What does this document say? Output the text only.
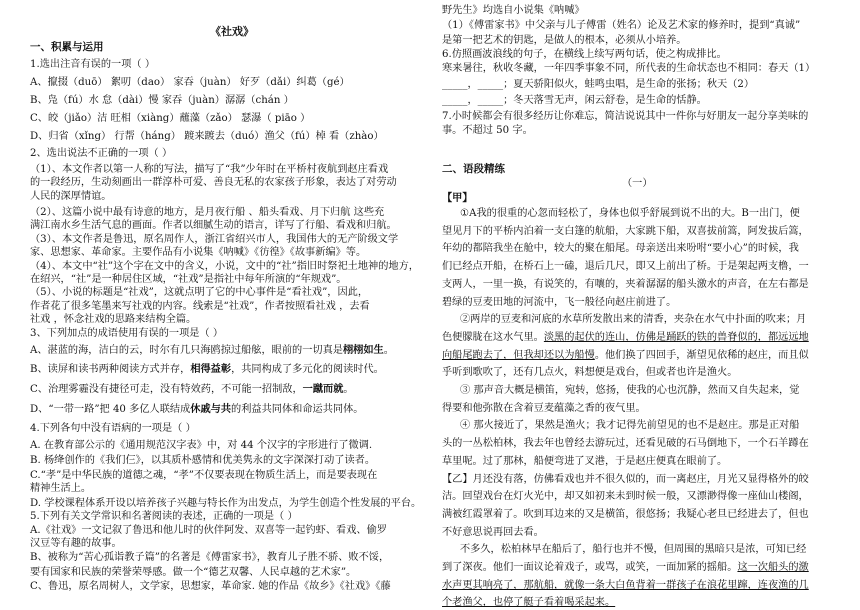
《社戏》
一、积累与运用
1.选出注音有误的一项（ ）
A、攛掇（duō） 絮叨（dao） 家吞（juàn） 好歹（dǎi）纠葛（gé）
B、凫（fú）水 怠（dài）慢 家吞（juàn）潺潺（chán ）
C、皎（jiǎo）洁 旺相（xiàng）蘸藻（zǎo） 瑟瀑（ piāo ）
D、归省（xǐng） 行帮（háng） 踱来踱去（duó）渔父（fú）棹 看（zhào）
2、选出说法不正确的一项（ ）
（1）、本文作者以第一人称的写法，描写了“我”少年时在平桥村夜航到赵庄看戏
的一段经历，生动刻画出一群淳朴可爱、善良无私的农家孩子形象，表达了对劳动
人民的深厚情谊。
（2）、这篇小说中最有诗意的地方，是月夜行船 、船头看戏、月下归航 这些充
满江南水乡生活气息的画面。作者以细腻生动的语言，详写了行船、看戏和归航。
（3）、本文作者是鲁迅，原名周作人，浙江省绍兴市人，我国伟大的无产阶级文学
家、思想家、革命家。主要作品有小说集《呐喊》《彷徨》《故事新编》等。
（4）、本文中“社”这个字在文中的含义，小说，文中的“社”指旧时祭祀土地神的地方，
在绍兴，“社”是一种居住区域，“社戏”是指社中每年所演的“年规戏”。
（5）、小说的标题是“社戏”，这就点明了它的中心事件是“看社戏”，因此，
作者花了很多笔墨来写社戏的内容。线索是“社戏”，作者按照看社戏 ，去看
社戏 ，怀念社戏的思路来结构全篇。
3、下列加点的成语使用有误的一项是（ ）
A、湛蓝的海，洁白的云，时尔有几只海鸥掠过船舷，眼前的一切真是栩栩如生。
B、读屏和读书两种阅读方式并存，相得益彰，共同构成了多元化的阅读时代。
C、治理雾霾没有捷径可走，没有特效药，不可能一招制敌，一蹴而就。
D、“一带一路”把 40 多亿人联结成休戚与共的利益共同体和命运共同体。
4.下列各句中没有语病的一项是（ ）
A. 在教育部公示的《通用规范汉字表》中，对 44 个汉字的字形进行了微调.
B. 杨绛创作的《我们仨》，以其质朴感情和优美隽永的文字深深打动了读者。
C.“孝”是中华民族的道德之魂，“孝”不仅要表现在物质生活上，而是要表现在
精神生活上。
D. 学校课程体系开设以培养孩子兴趣与特长作为出发点，为学生创造个性发展的平台。
5.下列有关文学常识和名著阅读的表述，正确的一项是（ ）
A.《社戏》一文记叙了鲁迅和他儿时的伙伴阿发、双喜等一起钓虾、看戏、偷罗
汉豆等有趣的故事。
B、被称为“苦心孤诣教子篇”的名著是《傅雷家书》，教育儿子胜不骄、败不馁，
要有国家和民族的荣誉荣辱感。做一个“德艺双馨、人民卓越的艺术家”。
C、鲁迅，原名周树人，文学家，思想家，革命家. 她的作品《故乡》《社戏》《藤
野先生》均选自小说集《呐喊》
（1）《傅雷家书》中父亲与儿子傅雷（姓名）论及艺术家的修养时，提到“真诚”
是第一把艺术的钥匙，是做人的根本，必须从小培养。
6.仿照画波浪线的句子，在横线上续写两句话，使之构成排比。
寒来暑往，秋收冬藏，一年四季事象不同，所代表的生命状态也不相同：春天（1）
_____，_____；夏天骄阳似火，蛙鸣虫唱，是生命的张扬；秋天（2）
_____，_____；冬天落雪无声，闲云舒卷，是生命的恬静。
7.小时候都会有很多经历让你难忘，简洁说说其中一件你与好朋友一起分享美味的
事。不超过 50 字。
二、语段精练
（一）
【甲】
①A我的很重的心忽而轻松了，身体也似乎舒展到说不出的大。B一出门，便
望见月下的平桥内泊着一支白篷的航船，大家跳下船，双喜拔前篙，阿发拔后篙，
年幼的都陪我坐在舱中，较大的聚在船尾。母亲送出来吩咐“要小心”的时候，我
们已经点开船，在桥石上一磕，退后几尺，即又上前出了桥。于是架起两支橹，一
支两人，一里一换，有说笑的，有嚷的，夹着潺潺的船头激水的声音，在左右都是
碧绿的豆麦田地的河流中，飞一般径向赵庄前进了。
②两岸的豆麦和河底的水草所发散出来的清香，夹杂在水气中扑面的吹来；月
色便朦胧在这水气里。淡黑的起伏的连山，仿佛是踊跃的铁的兽脊似的，都远远地
向船尾跑去了，但我却还以为船慢。他们换了四回手，渐望见依稀的赵庄，而且似
乎听到歌吹了，还有几点火，料想便是戏台，但或者也许是渔火。
③ 那声音大概是横笛，宛转，悠扬，使我的心也沉静，然而又自失起来，觉
得要和他弥散在含着豆麦蕴藻之香的夜气里。
④ 那火接近了，果然是渔火；我才记得先前望见的也不是赵庄。那是正对船
头的一丛松柏林，我去年也曾经去游玩过，还看见破的石马倒地下，一个石羊蹲在
草里呢。过了那林，船便弯进了叉港，于是赵庄便真在眼前了。
【乙】月还没有落，仿佛看戏也并不很久似的，而一离赵庄，月光又显得格外的皎
洁。回望戏台在灯火光中，却又如初来未到时候一般，又漂渺得像一座仙山楼阁，
满被红霞罩着了。吹到耳边来的又是横笛，很悠扬；我疑心老旦已经进去了，但也
不好意思说再回去看。
不多久，松柏林早在船后了，船行也并不慢，但周围的黑暗只是浓，可知已经
到了深夜。他们一面议论着戏子，或骂，或笑，一面加紧的摇船。这一次船头的激
水声更其响亮了，那航船，就像一条大白鱼背着一群孩子在浪花里蹿，连夜渔的几
个老渔父，也停了艇子看着喝采起来。
